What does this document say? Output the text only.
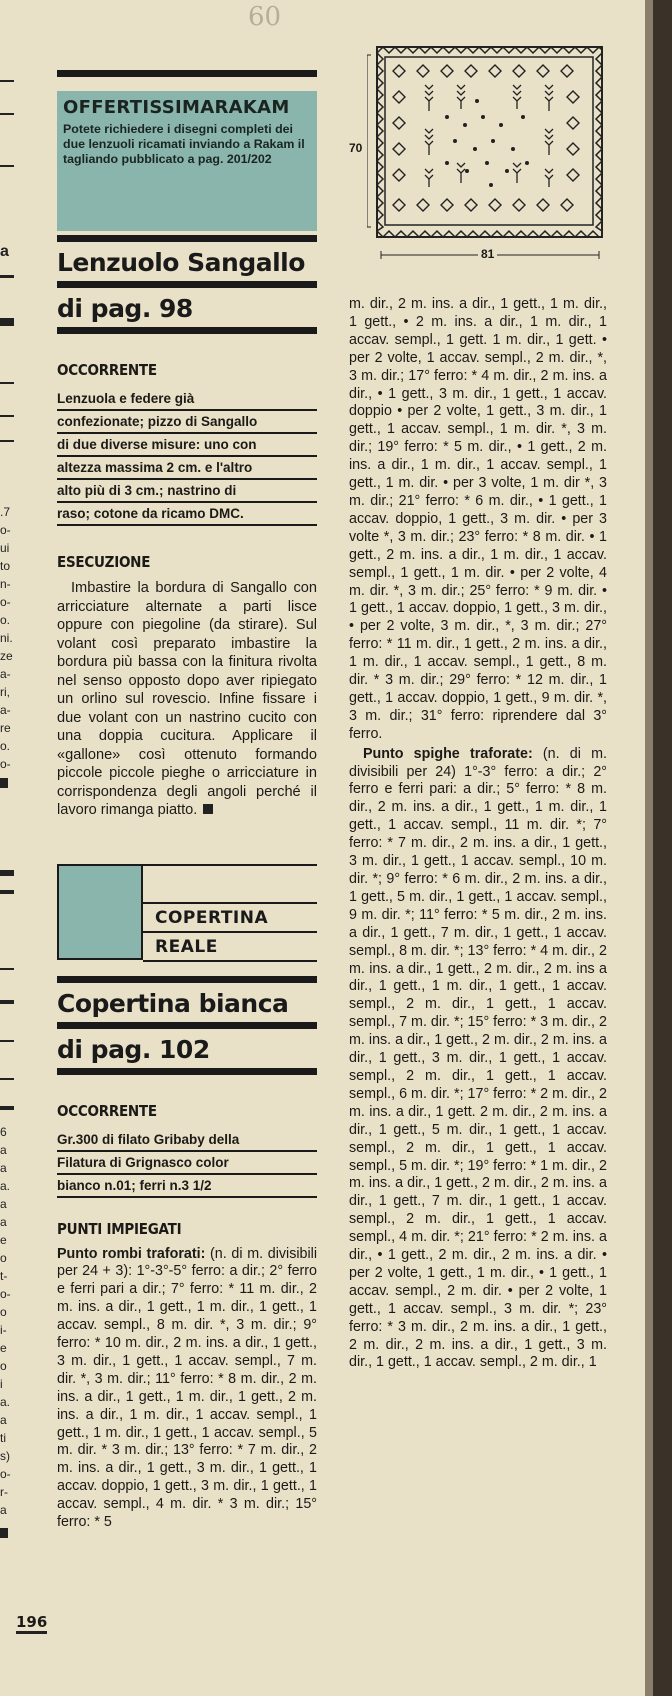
a
.7
o-
ui
to
n-
o-
o.
ni.
ze
a-
ri,
a-
re
o.
o-
6
a
a
a.
a
a
e
o
t-
o-
o
i-
e
o
i
a.
a
ti
s)
o-
r-
a
60
OFFERTISSIMARAKAM
Potete richiedere i disegni completi dei due lenzuoli ricamati inviando a Rakam il tagliando pubblicato a pag. 201/202
Lenzuolo Sangallo
di pag. 98
OCCORRENTE
Lenzuola e federe già
confezionate; pizzo di Sangallo
di due diverse misure: uno con
altezza massima 2 cm. e l'altro
alto più di 3 cm.; nastrino di
raso; cotone da ricamo DMC.
ESECUZIONE
Imbastire la bordura di Sangallo con arricciature alternate a parti lisce oppure con piegoline (da stirare). Sul volant così preparato imbastire la bordura più bassa con la finitura rivolta nel senso opposto dopo aver ripiegato un orlino sul rovescio. Infine fissare i due volant con un nastrino cucito con una doppia cucitura. Applicare il «gallone» così ottenuto formando piccole piccole pieghe o arricciature in corrispondenza degli angoli perché il lavoro rimanga piatto.
COPERTINA
REALE
Copertina bianca
di pag. 102
OCCORRENTE
Gr.300 di filato Gribaby della
Filatura di Grignasco color
bianco n.01; ferri n.3 1/2
PUNTI IMPIEGATI
Punto rombi traforati: (n. di m. divisibili per 24 + 3): 1°-3°-5° ferro: a dir.; 2° ferro e ferri pari a dir.; 7° ferro: * 11 m. dir., 2 m. ins. a dir., 1 gett., 1 m. dir., 1 gett., 1 accav. sempl., 8 m. dir. *, 3 m. dir.; 9° ferro: * 10 m. dir., 2 m. ins. a dir., 1 gett., 3 m. dir., 1 gett., 1 accav. sempl., 7 m. dir. *, 3 m. dir.; 11° ferro: * 8 m. dir., 2 m. ins. a dir., 1 gett., 1 m. dir., 1 gett., 2 m. ins. a dir., 1 m. dir., 1 accav. sempl., 1 gett., 1 m. dir., 1 gett., 1 accav. sempl., 5 m. dir. * 3 m. dir.; 13° ferro: * 7 m. dir., 2 m. ins. a dir., 1 gett., 3 m. dir., 1 gett., 1 accav. doppio, 1 gett., 3 m. dir., 1 gett., 1 accav. sempl., 4 m. dir. * 3 m. dir.; 15° ferro: * 5
70
81

m. dir., 2 m. ins. a dir., 1 gett., 1 m. dir., 1 gett., • 2 m. ins. a dir., 1 m. dir., 1 accav. sempl., 1 gett. 1 m. dir., 1 gett. • per 2 volte, 1 accav. sempl., 2 m. dir., *, 3 m. dir.; 17° ferro: * 4 m. dir., 2 m. ins. a dir., • 1 gett., 3 m. dir., 1 gett., 1 accav. doppio • per 2 volte, 1 gett., 3 m. dir., 1 gett., 1 accav. sempl., 1 m. dir. *, 3 m. dir.; 19° ferro: * 5 m. dir., • 1 gett., 2 m. ins. a dir., 1 m. dir., 1 accav. sempl., 1 gett., 1 m. dir. • per 3 volte, 1 m. dir *, 3 m. dir.; 21° ferro: * 6 m. dir., • 1 gett., 1 accav. doppio, 1 gett., 3 m. dir. • per 3 volte *, 3 m. dir.; 23° ferro: * 8 m. dir. • 1 gett., 2 m. ins. a dir., 1 m. dir., 1 accav. sempl., 1 gett., 1 m. dir. • per 2 volte, 4 m. dir. *, 3 m. dir.; 25° ferro: * 9 m. dir. • 1 gett., 1 accav. doppio, 1 gett., 3 m. dir., • per 2 volte, 3 m. dir., *, 3 m. dir.; 27° ferro: * 11 m. dir., 1 gett., 2 m. ins. a dir., 1 m. dir., 1 accav. sempl., 1 gett., 8 m. dir. * 3 m. dir.; 29° ferro: * 12 m. dir., 1 gett., 1 accav. doppio, 1 gett., 9 m. dir. *, 3 m. dir.; 31° ferro: riprendere dal 3° ferro.

Punto spighe traforate: (n. di m. divisibili per 24) 1°-3° ferro: a dir.; 2° ferro e ferri pari: a dir.; 5° ferro: * 8 m. dir., 2 m. ins. a dir., 1 gett., 1 m. dir., 1 gett., 1 accav. sempl., 11 m. dir. *; 7° ferro: * 7 m. dir., 2 m. ins. a dir., 1 gett., 3 m. dir., 1 gett., 1 accav. sempl., 10 m. dir. *; 9° ferro: * 6 m. dir., 2 m. ins. a dir., 1 gett., 5 m. dir., 1 gett., 1 accav. sempl., 9 m. dir. *; 11° ferro: * 5 m. dir., 2 m. ins. a dir., 1 gett., 7 m. dir., 1 gett., 1 accav. sempl., 8 m. dir. *; 13° ferro: * 4 m. dir., 2 m. ins. a dir., 1 gett., 2 m. dir., 2 m. ins a dir., 1 gett., 1 m. dir., 1 gett., 1 accav. sempl., 2 m. dir., 1 gett., 1 accav. sempl., 7 m. dir. *; 15° ferro: * 3 m. dir., 2 m. ins. a dir., 1 gett., 2 m. dir., 2 m. ins. a dir., 1 gett., 3 m. dir., 1 gett., 1 accav. sempl., 2 m. dir., 1 gett., 1 accav. sempl., 6 m. dir. *; 17° ferro: * 2 m. dir., 2 m. ins. a dir., 1 gett. 2 m. dir., 2 m. ins. a dir., 1 gett., 5 m. dir., 1 gett., 1 accav. sempl., 2 m. dir., 1 gett., 1 accav. sempl., 5 m. dir. *; 19° ferro: * 1 m. dir., 2 m. ins. a dir., 1 gett., 2 m. dir., 2 m. ins. a dir., 1 gett., 7 m. dir., 1 gett., 1 accav. sempl., 2 m. dir., 1 gett., 1 accav. sempl., 4 m. dir. *; 21° ferro: * 2 m. ins. a dir., • 1 gett., 2 m. dir., 2 m. ins. a dir. • per 2 volte, 1 gett., 1 m. dir., • 1 gett., 1 accav. sempl., 2 m. dir. • per 2 volte, 1 gett., 1 accav. sempl., 3 m. dir. *; 23° ferro: * 3 m. dir., 2 m. ins. a dir., 1 gett., 2 m. dir., 2 m. ins. a dir., 1 gett., 3 m. dir., 1 gett., 1 accav. sempl., 2 m. dir., 1

196
